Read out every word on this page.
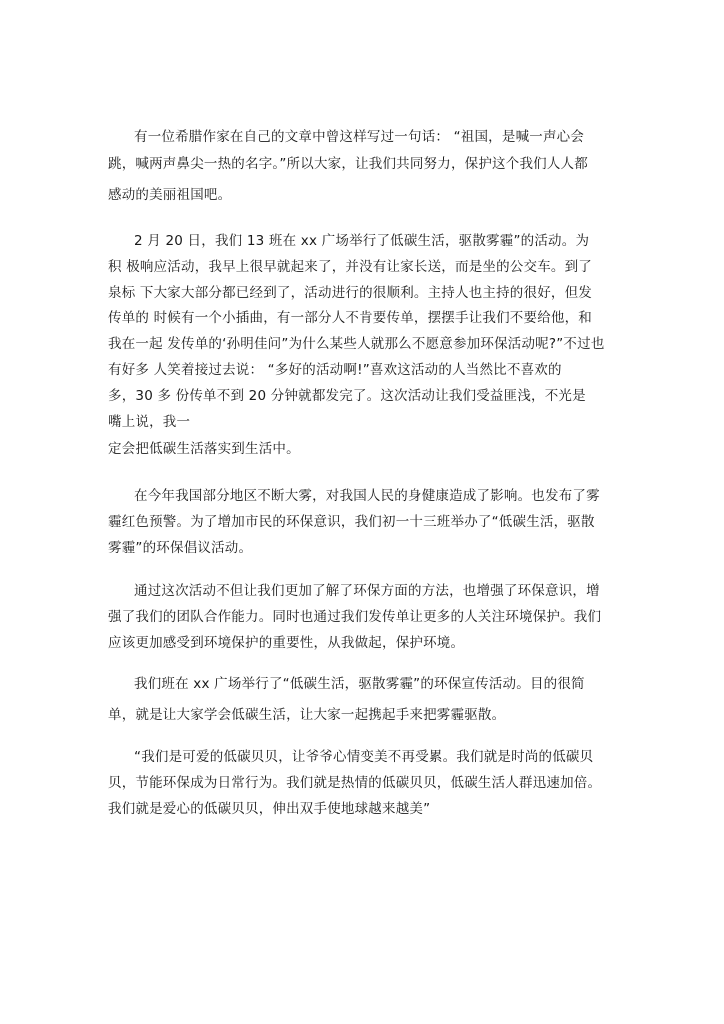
有一位希腊作家在自己的文章中曾这样写过一句话： “祖国，是喊一声心会
跳，喊两声鼻尖一热的名字。”所以大家，让我们共同努力，保护这个我们人人都
感动的美丽祖国吧。
2 月 20 日，我们 13 班在 xx 广场举行了低碳生活，驱散雾霾”的活动。为
积 极响应活动，我早上很早就起来了，并没有让家长送，而是坐的公交车。到了
泉标 下大家大部分都已经到了，活动进行的很顺利。主持人也主持的很好，但发
传单的 时候有一个小插曲，有一部分人不肯要传单，摆摆手让我们不要给他，和
我在一起 发传单的‘孙明佳问”为什么某些人就那么不愿意参加环保活动呢?”不过也
有好多 人笑着接过去说： “多好的活动啊!”喜欢这活动的人当然比不喜欢的
多，30 多 份传单不到 20 分钟就都发完了。这次活动让我们受益匪浅，不光是
嘴上说，我一
定会把低碳生活落实到生活中。
在今年我国部分地区不断大雾，对我国人民的身健康造成了影响。也发布了雾
霾红色预警。为了增加市民的环保意识，我们初一十三班举办了“低碳生活，驱散
雾霾”的环保倡议活动。
通过这次活动不但让我们更加了解了环保方面的方法，也增强了环保意识，增
强了我们的团队合作能力。同时也通过我们发传单让更多的人关注环境保护。我们
应该更加感受到环境保护的重要性，从我做起，保护环境。
我们班在 xx 广场举行了“低碳生活，驱散雾霾”的环保宣传活动。目的很简
单，就是让大家学会低碳生活，让大家一起携起手来把雾霾驱散。
“我们是可爱的低碳贝贝，让爷爷心情变美不再受累。我们就是时尚的低碳贝
贝，节能环保成为日常行为。我们就是热情的低碳贝贝，低碳生活人群迅速加倍。
我们就是爱心的低碳贝贝，伸出双手使地球越来越美”
